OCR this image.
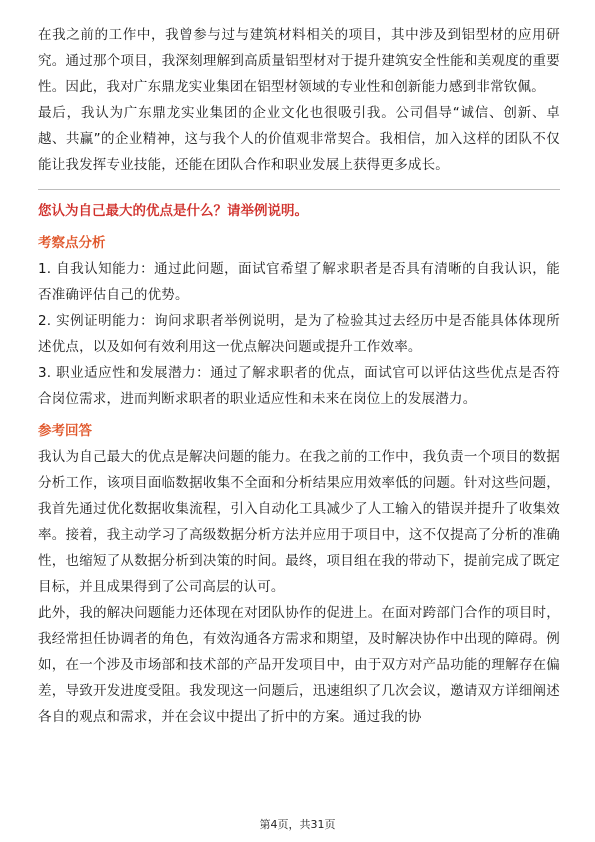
在我之前的工作中，我曾参与过与建筑材料相关的项目，其中涉及到铝型材的应用研究。通过那个项目，我深刻理解到高质量铝型材对于提升建筑安全性能和美观度的重要性。因此，我对广东鼎龙实业集团在铝型材领域的专业性和创新能力感到非常钦佩。

最后，我认为广东鼎龙实业集团的企业文化也很吸引我。公司倡导“诚信、创新、卓越、共赢”的企业精神，这与我个人的价值观非常契合。我相信，加入这样的团队不仅能让我发挥专业技能，还能在团队合作和职业发展上获得更多成长。

您认为自己最大的优点是什么？请举例说明。

考察点分析

1. 自我认知能力：通过此问题，面试官希望了解求职者是否具有清晰的自我认识，能否准确评估自己的优势。

2. 实例证明能力：询问求职者举例说明，是为了检验其过去经历中是否能具体体现所述优点，以及如何有效利用这一优点解决问题或提升工作效率。

3. 职业适应性和发展潜力：通过了解求职者的优点，面试官可以评估这些优点是否符合岗位需求，进而判断求职者的职业适应性和未来在岗位上的发展潜力。

参考回答

我认为自己最大的优点是解决问题的能力。在我之前的工作中，我负责一个项目的数据分析工作，该项目面临数据收集不全面和分析结果应用效率低的问题。针对这些问题，我首先通过优化数据收集流程，引入自动化工具减少了人工输入的错误并提升了收集效率。接着，我主动学习了高级数据分析方法并应用于项目中，这不仅提高了分析的准确性，也缩短了从数据分析到决策的时间。最终，项目组在我的带动下，提前完成了既定目标，并且成果得到了公司高层的认可。

此外，我的解决问题能力还体现在对团队协作的促进上。在面对跨部门合作的项目时，我经常担任协调者的角色，有效沟通各方需求和期望，及时解决协作中出现的障碍。例如，在一个涉及市场部和技术部的产品开发项目中，由于双方对产品功能的理解存在偏差，导致开发进度受阻。我发现这一问题后，迅速组织了几次会议，邀请双方详细阐述各自的观点和需求，并在会议中提出了折中的方案。通过我的协

第4页，共31页
